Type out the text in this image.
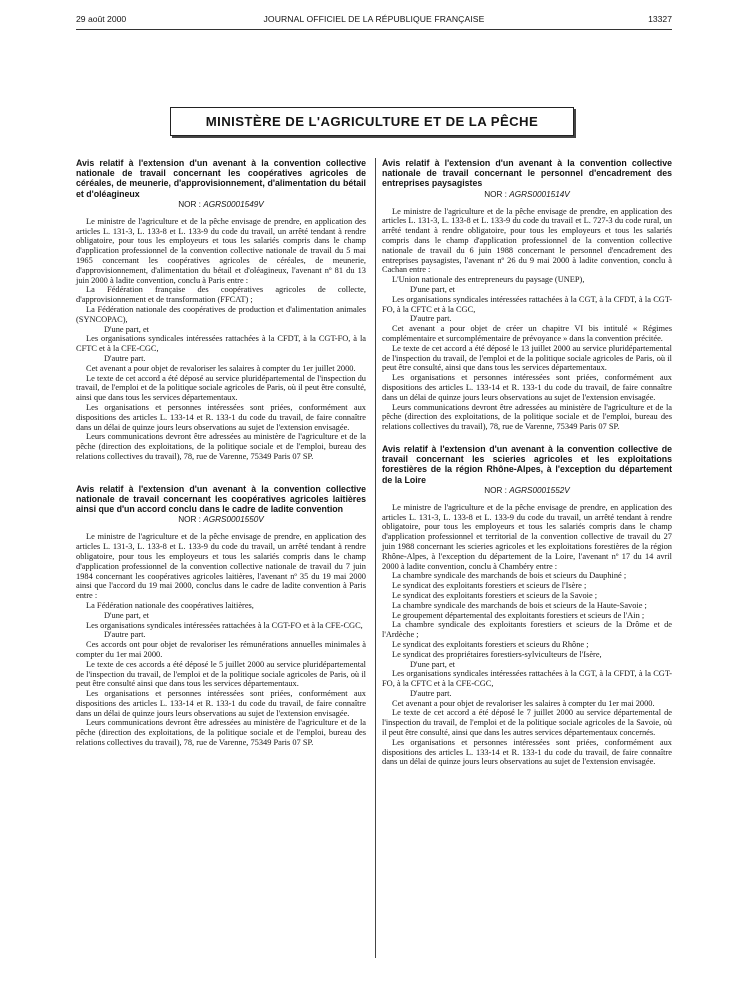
29 août 2000	JOURNAL OFFICIEL DE LA RÉPUBLIQUE FRANÇAISE	13327
MINISTÈRE DE L'AGRICULTURE ET DE LA PÊCHE

Avis relatif à l'extension d'un avenant à la convention collective nationale de travail concernant les coopératives agricoles de céréales, de meunerie, d'approvisionnement, d'alimentation du bétail et d'oléagineux

NOR : AGRS0001549V

Le ministre de l'agriculture et de la pêche envisage de prendre, en application des articles L. 131-3, L. 133-8 et L. 133-9 du code du travail, un arrêté tendant à rendre obligatoire, pour tous les employeurs et tous les salariés compris dans le champ d'application professionnel de la convention collective nationale de travail du 5 mai 1965 concernant les coopératives agricoles de céréales, de meunerie, d'approvisionnement, d'alimentation du bétail et d'oléagineux, l'avenant nº 81 du 13 juin 2000 à ladite convention, conclu à Paris entre :

La Fédération française des coopératives agricoles de collecte, d'approvisionnement et de transformation (FFCAT) ;

La Fédération nationale des coopératives de production et d'alimentation animales (SYNCOPAC),

D'une part, et

Les organisations syndicales intéressées rattachées à la CFDT, à la CGT-FO, à la CFTC et à la CFE-CGC,

D'autre part.

Cet avenant a pour objet de revaloriser les salaires à compter du 1er juillet 2000.

Le texte de cet accord a été déposé au service pluridépartemental de l'inspection du travail, de l'emploi et de la politique sociale agricoles de Paris, où il peut être consulté, ainsi que dans tous les services départementaux.

Les organisations et personnes intéressées sont priées, conformément aux dispositions des articles L. 133-14 et R. 133-1 du code du travail, de faire connaître dans un délai de quinze jours leurs observations au sujet de l'extension envisagée.

Leurs communications devront être adressées au ministère de l'agriculture et de la pêche (direction des exploitations, de la politique sociale et de l'emploi, bureau des relations collectives du travail), 78, rue de Varenne, 75349 Paris 07 SP.

Avis relatif à l'extension d'un avenant à la convention collective nationale de travail concernant les coopératives agricoles laitières ainsi que d'un accord conclu dans le cadre de ladite convention

NOR : AGRS0001550V

Le ministre de l'agriculture et de la pêche envisage de prendre, en application des articles L. 131-3, L. 133-8 et L. 133-9 du code du travail, un arrêté tendant à rendre obligatoire, pour tous les employeurs et tous les salariés compris dans le champ d'application professionnel de la convention collective nationale de travail du 7 juin 1984 concernant les coopératives agricoles laitières, l'avenant nº 35 du 19 mai 2000 ainsi que l'accord du 19 mai 2000, conclus dans le cadre de ladite convention à Paris entre :

La Fédération nationale des coopératives laitières,

D'une part, et

Les organisations syndicales intéressées rattachées à la CGT-FO et à la CFE-CGC,

D'autre part.

Ces accords ont pour objet de revaloriser les rémunérations annuelles minimales à compter du 1er mai 2000.

Le texte de ces accords a été déposé le 5 juillet 2000 au service pluridépartemental de l'inspection du travail, de l'emploi et de la politique sociale agricoles de Paris, où il peut être consulté ainsi que dans tous les services départementaux.

Les organisations et personnes intéressées sont priées, conformément aux dispositions des articles L. 133-14 et R. 133-1 du code du travail, de faire connaître dans un délai de quinze jours leurs observations au sujet de l'extension envisagée.

Leurs communications devront être adressées au ministère de l'agriculture et de la pêche (direction des exploitations, de la politique sociale et de l'emploi, bureau des relations collectives du travail), 78, rue de Varenne, 75349 Paris 07 SP.

Avis relatif à l'extension d'un avenant à la convention collective nationale de travail concernant le personnel d'encadrement des entreprises paysagistes

NOR : AGRS0001514V

Le ministre de l'agriculture et de la pêche envisage de prendre, en application des articles L. 131-3, L. 133-8 et L. 133-9 du code du travail et L. 727-3 du code rural, un arrêté tendant à rendre obligatoire, pour tous les employeurs et tous les salariés compris dans le champ d'application professionnel de la convention collective nationale de travail du 6 juin 1988 concernant le personnel d'encadrement des entreprises paysagistes, l'avenant nº 26 du 9 mai 2000 à ladite convention, conclu à Cachan entre :

L'Union nationale des entrepreneurs du paysage (UNEP),

D'une part, et

Les organisations syndicales intéressées rattachées à la CGT, à la CFDT, à la CGT-FO, à la CFTC et à la CGC,

D'autre part.

Cet avenant a pour objet de créer un chapitre VI bis intitulé « Régimes complémentaire et surcomplémentaire de prévoyance » dans la convention précitée.

Le texte de cet accord a été déposé le 13 juillet 2000 au service pluridépartemental de l'inspection du travail, de l'emploi et de la politique sociale agricoles de Paris, où il peut être consulté, ainsi que dans tous les services départementaux.

Les organisations et personnes intéressées sont priées, conformément aux dispositions des articles L. 133-14 et R. 133-1 du code du travail, de faire connaître dans un délai de quinze jours leurs observations au sujet de l'extension envisagée.

Leurs communications devront être adressées au ministère de l'agriculture et de la pêche (direction des exploitations, de la politique sociale et de l'emploi, bureau des relations collectives du travail), 78, rue de Varenne, 75349 Paris 07 SP.

Avis relatif à l'extension d'un avenant à la convention collective de travail concernant les scieries agricoles et les exploitations forestières de la région Rhône-Alpes, à l'exception du département de la Loire

NOR : AGRS0001552V

Le ministre de l'agriculture et de la pêche envisage de prendre, en application des articles L. 131-3, L. 133-8 et L. 133-9 du code du travail, un arrêté tendant à rendre obligatoire, pour tous les employeurs et tous les salariés compris dans le champ d'application professionnel et territorial de la convention collective de travail du 27 juin 1988 concernant les scieries agricoles et les exploitations forestières de la région Rhône-Alpes, à l'exception du département de la Loire, l'avenant nº 17 du 14 avril 2000 à ladite convention, conclu à Chambéry entre :

La chambre syndicale des marchands de bois et scieurs du Dauphiné ;

Le syndicat des exploitants forestiers et scieurs de l'Isère ;

Le syndicat des exploitants forestiers et scieurs de la Savoie ;

La chambre syndicale des marchands de bois et scieurs de la Haute-Savoie ;

Le groupement départemental des exploitants forestiers et scieurs de l'Ain ;

La chambre syndicale des exploitants forestiers et scieurs de la Drôme et de l'Ardèche ;

Le syndicat des exploitants forestiers et scieurs du Rhône ;

Le syndicat des propriétaires forestiers-sylviculteurs de l'Isère,

D'une part, et

Les organisations syndicales intéressées rattachées à la CGT, à la CFDT, à la CGT-FO, à la CFTC et à la CFE-CGC,

D'autre part.

Cet avenant a pour objet de revaloriser les salaires à compter du 1er mai 2000.

Le texte de cet accord a été déposé le 7 juillet 2000 au service départemental de l'inspection du travail, de l'emploi et de la politique sociale agricoles de la Savoie, où il peut être consulté, ainsi que dans les autres services départementaux concernés.

Les organisations et personnes intéressées sont priées, conformément aux dispositions des articles L. 133-14 et R. 133-1 du code du travail, de faire connaître dans un délai de quinze jours leurs observations au sujet de l'extension envisagée.
